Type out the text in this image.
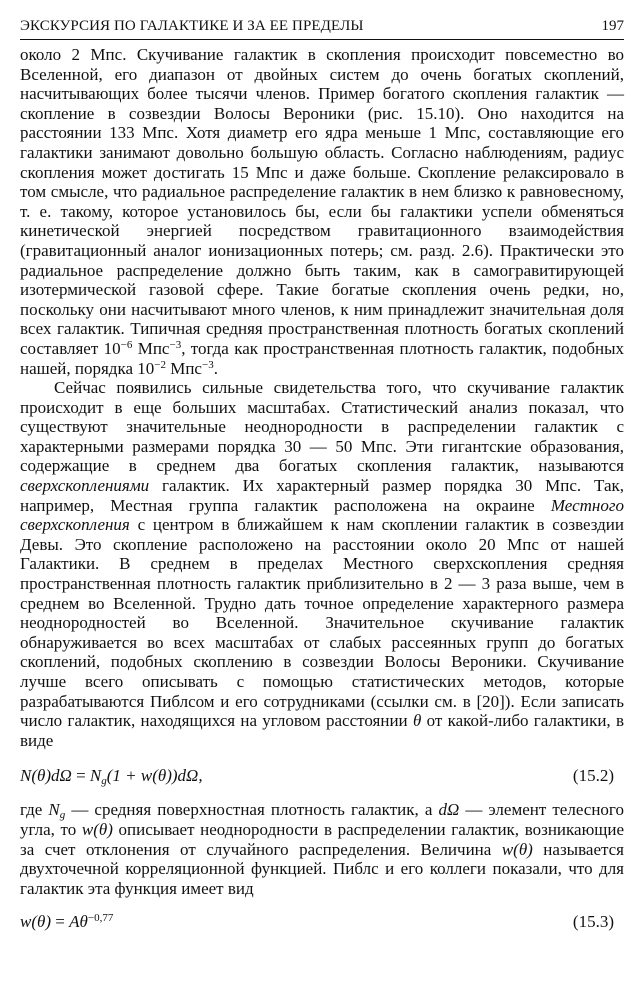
ЭКСКУРСИЯ ПО ГАЛАКТИКЕ И ЗА ЕЕ ПРЕДЕЛЫ	197

около 2 Мпс. Скучивание галактик в скопления происходит повсеместно во Вселенной, его диапазон от двойных систем до очень богатых скоплений, насчитывающих более тысячи членов. Пример богатого скопления галактик — скопление в созвездии Волосы Вероники (рис. 15.10). Оно находится на расстоянии 133 Мпс. Хотя диаметр его ядра меньше 1 Мпс, составляющие его галактики занимают довольно большую область. Согласно наблюдениям, радиус скопления может достигать 15 Мпс и даже больше. Скопление релаксировало в том смысле, что радиальное распределение галактик в нем близко к равновесному, т. е. такому, которое установилось бы, если бы галактики успели обменяться кинетической энергией посредством гравитационного взаимодействия (гравитационный аналог ионизационных потерь; см. разд. 2.6). Практически это радиальное распределение должно быть таким, как в самогравитирующей изотермической газовой сфере. Такие богатые скопления очень редки, но, поскольку они насчитывают много членов, к ним принадлежит значительная доля всех галактик. Типичная средняя пространственная плотность богатых скоплений составляет $10^{-6}$ Мпс$^{-3}$, тогда как пространственная плотность галактик, подобных нашей, порядка $10^{-2}$ Мпс$^{-3}$.

Сейчас появились сильные свидетельства того, что скучивание галактик происходит в еще больших масштабах. Статистический анализ показал, что существуют значительные неоднородности в распределении галактик с характерными размерами порядка 30 — 50 Мпс. Эти гигантские образования, содержащие в среднем два богатых скопления галактик, называются сверхскоплениями галактик. Их характерный размер порядка 30 Мпс. Так, например, Местная группа галактик расположена на окраине Местного сверхскопления с центром в ближайшем к нам скоплении галактик в созвездии Девы. Это скопление расположено на расстоянии около 20 Мпс от нашей Галактики. В среднем в пределах Местного сверхскопления средняя пространственная плотность галактик приблизительно в 2 — 3 раза выше, чем в среднем во Вселенной. Трудно дать точное определение характерного размера неоднородностей во Вселенной. Значительное скучивание галактик обнаруживается во всех масштабах от слабых рассеянных групп до богатых скоплений, подобных скоплению в созвездии Волосы Вероники. Скучивание лучше всего описывать с помощью статистических методов, которые разрабатываются Пиблсом и его сотрудниками (ссылки см. в [20]). Если записать число галактик, находящихся на угловом расстоянии θ от какой-либо галактики, в виде

$N(\theta)d\Omega = N_g(1 + w(\theta))d\Omega$,	(15.2)

где $N_g$ — средняя поверхностная плотность галактик, а dΩ — элемент телесного угла, то w(θ) описывает неоднородности в распределении галактик, возникающие за счет отклонения от случайного распределения. Величина w(θ) называется двухточечной корреляционной функцией. Пиблс и его коллеги показали, что для галактик эта функция имеет вид

$w(\theta) = A\theta^{-0,77}$	(15.3)
